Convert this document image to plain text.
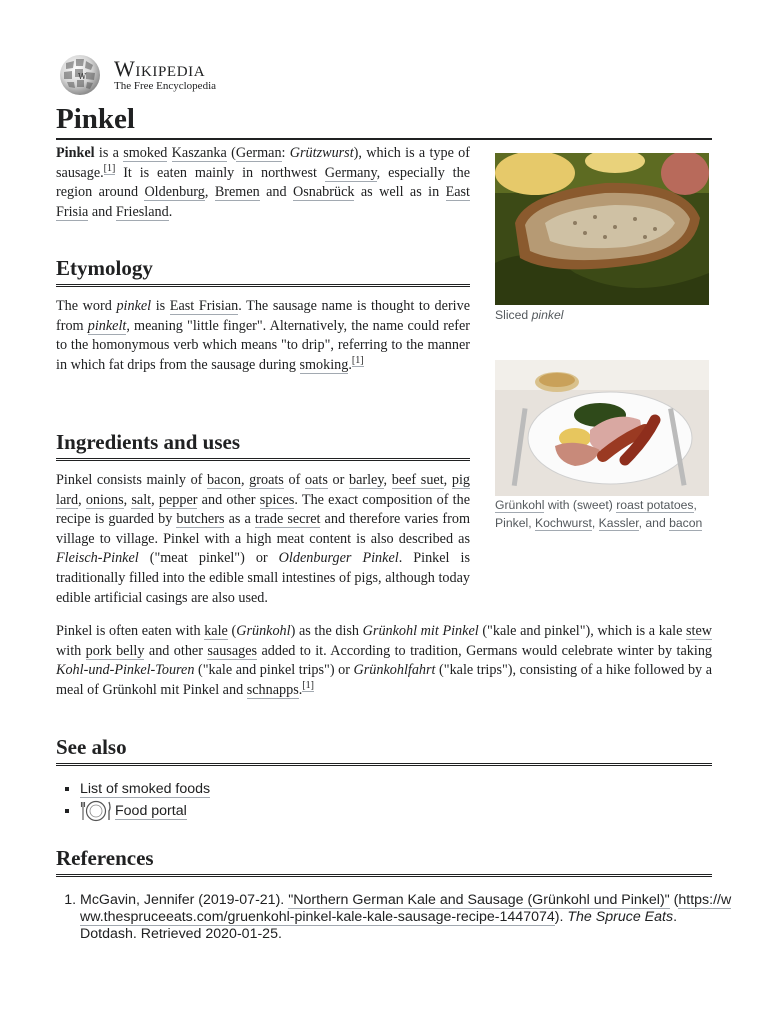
W Wikipedia
The Free Encyclopedia
Pinkel

Pinkel is a smoked Kaszanka (German: Grützwurst), which is a type of sausage.[1] It is eaten mainly in northwest Germany, especially the region around Oldenburg, Bremen and Osnabrück as well as in East Frisia and Friesland.

Sliced pinkel
Grünkohl with (sweet) roast potatoes, Pinkel, Kochwurst, Kassler, and bacon
Etymology

The word pinkel is East Frisian. The sausage name is thought to derive from pinkelt, meaning "little finger". Alternatively, the name could refer to the homonymous verb which means "to drip", referring to the manner in which fat drips from the sausage during smoking.[1]

Ingredients and uses

Pinkel consists mainly of bacon, groats of oats or barley, beef suet, pig lard, onions, salt, pepper and other spices. The exact composition of the recipe is guarded by butchers as a trade secret and therefore varies from village to village. Pinkel with a high meat content is also described as Fleisch-Pinkel ("meat pinkel") or Oldenburger Pinkel. Pinkel is traditionally filled into the edible small intestines of pigs, although today edible artificial casings are also used.

Pinkel is often eaten with kale (Grünkohl) as the dish Grünkohl mit Pinkel ("kale and pinkel"), which is a kale stew with pork belly and other sausages added to it. According to tradition, Germans would celebrate winter by taking Kohl-und-Pinkel-Touren ("kale and pinkel trips") or Grünkohlfahrt ("kale trips"), consisting of a hike followed by a meal of Grünkohl mit Pinkel and schnapps.[1]

See also
▪ List of smoked foods
▪ Food portal
References
1. McGavin, Jennifer (2019-07-21). "Northern German Kale and Sausage (Grünkohl und Pinkel)" (https://www.thespruceeats.com/gruenkohl-pinkel-kale-kale-sausage-recipe-1447074). The Spruce Eats. Dotdash. Retrieved 2020-01-25.
